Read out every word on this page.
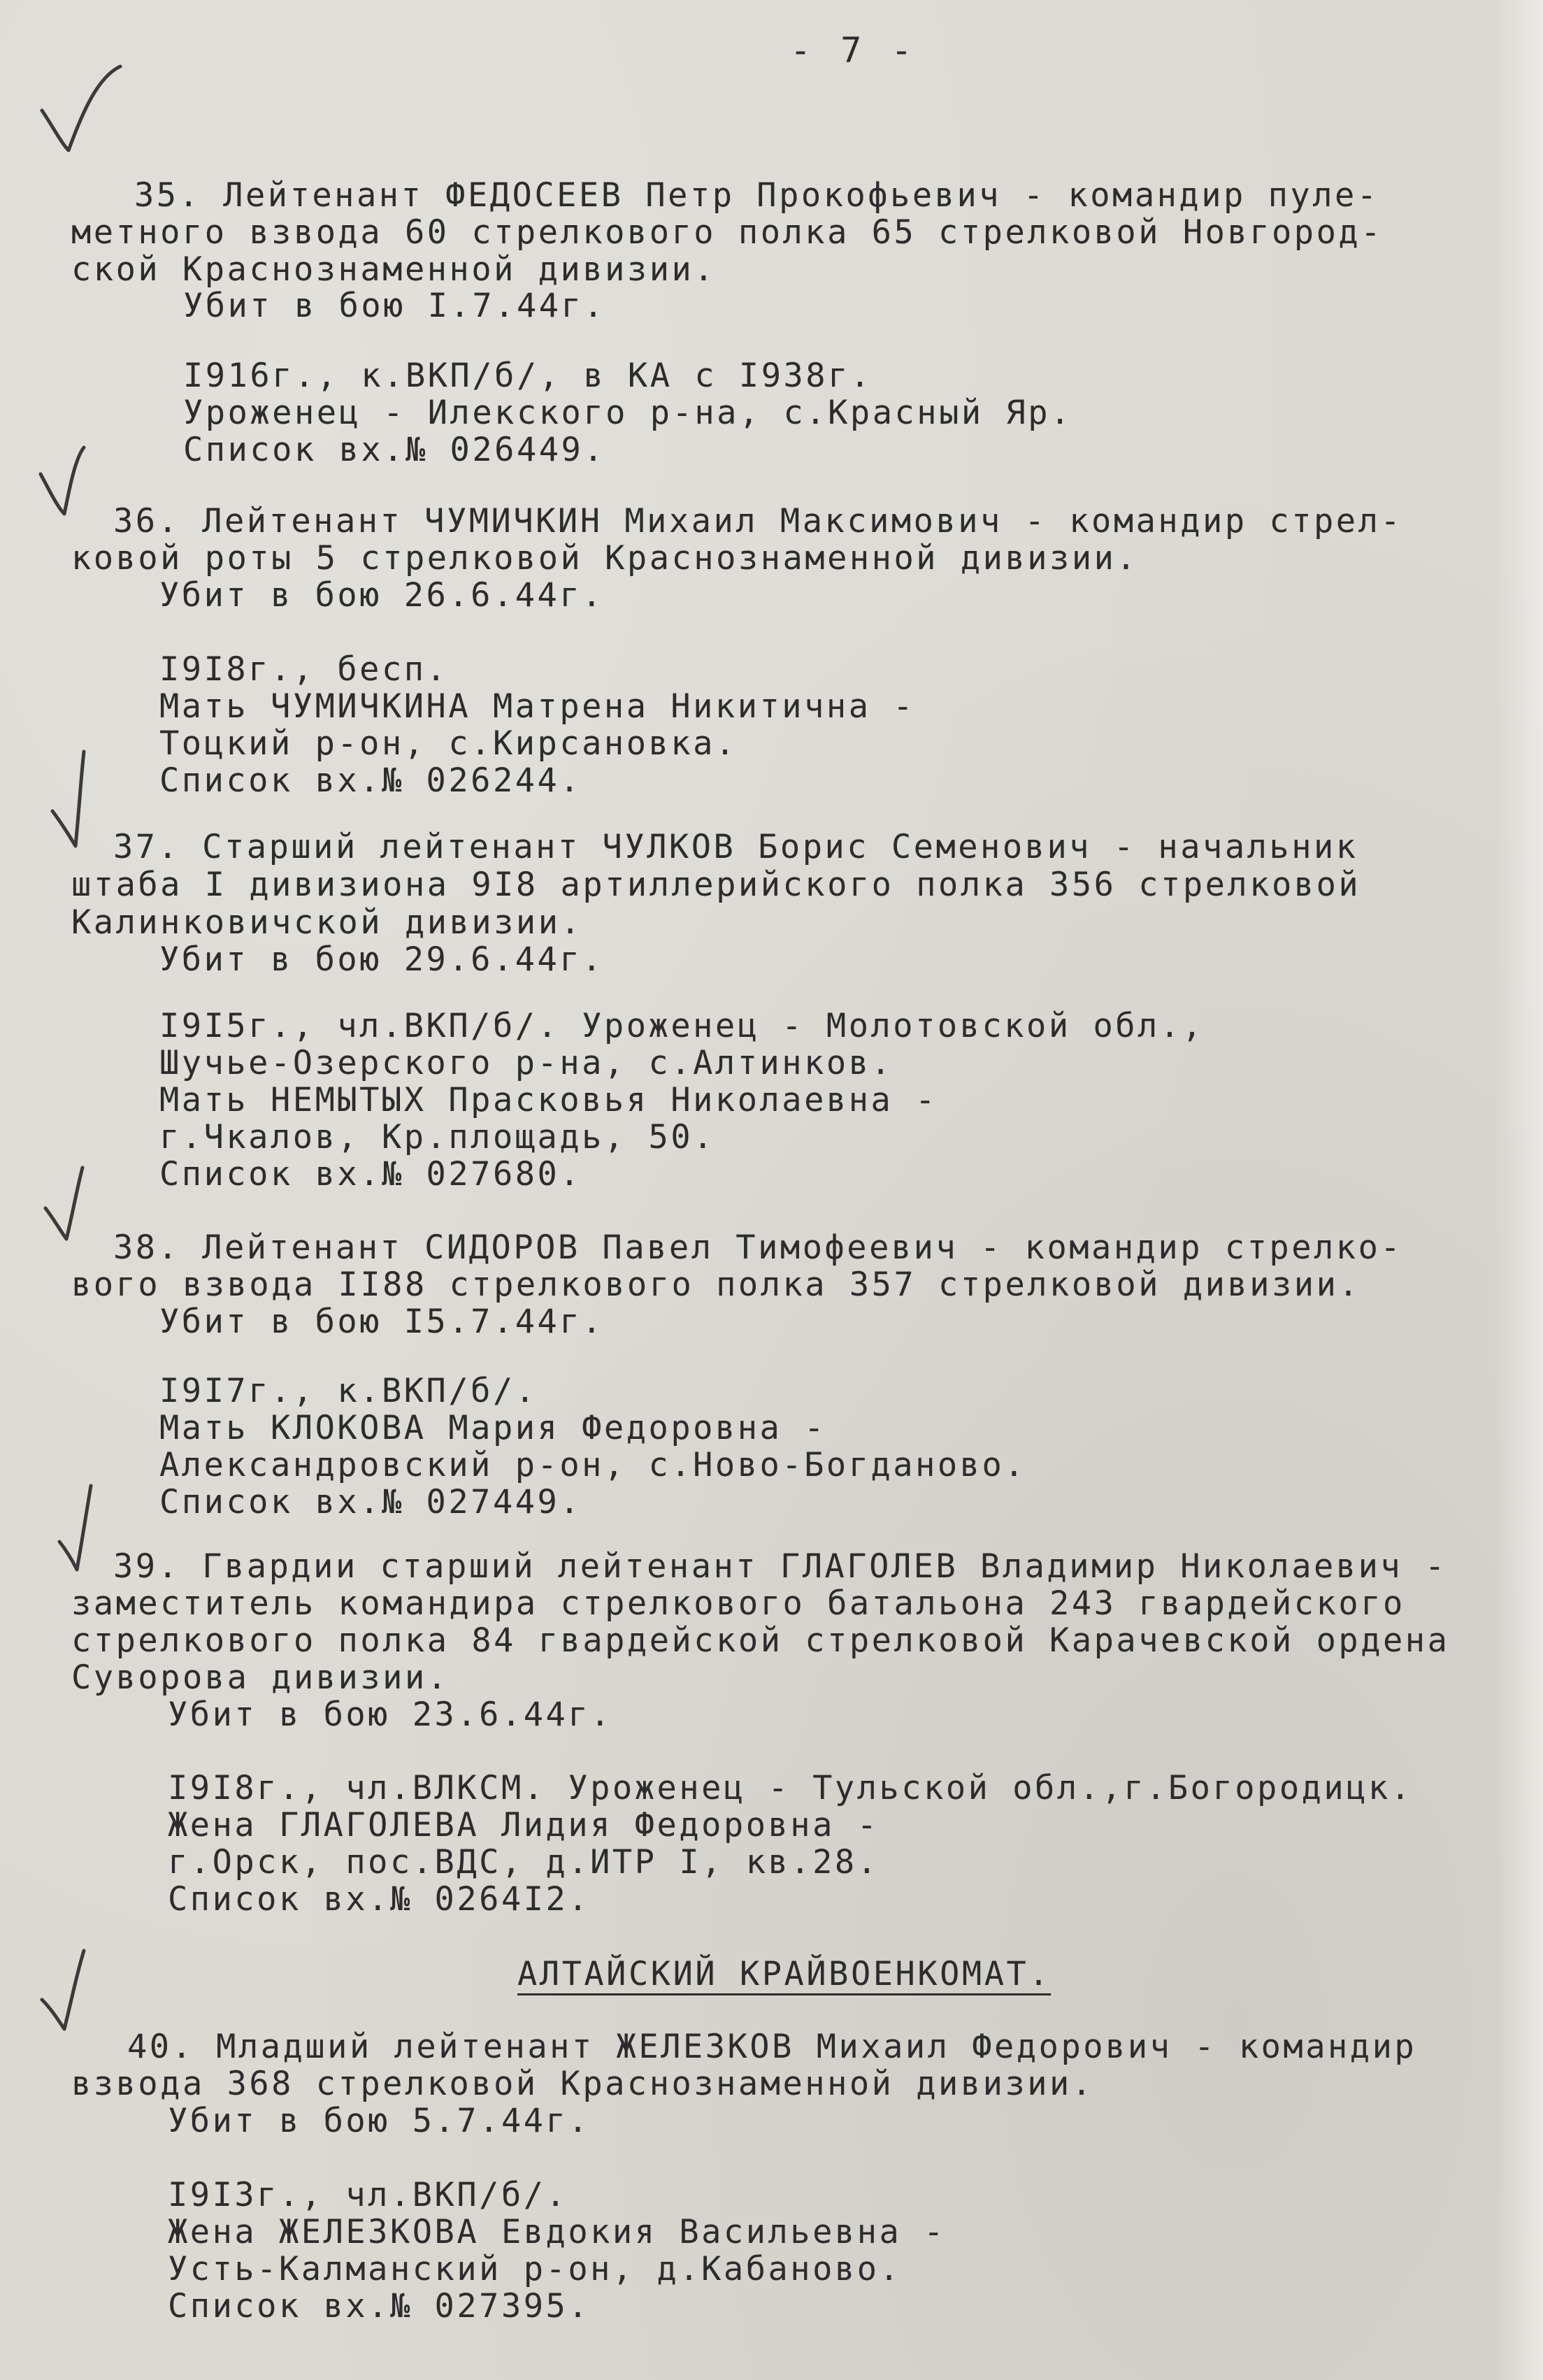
- 7 -
35. Лейтенант ФЕДОСЕЕВ Петр Прокофьевич - командир пуле-
метного взвода 60 стрелкового полка 65 стрелковой Новгород-
ской Краснознаменной дивизии.
Убит в бою I.7.44г.
I916г., к.ВКП/б/, в КА с I938г.
Уроженец - Илекского р-на, с.Красный Яр.
Список вх.№ 026449.
36. Лейтенант ЧУМИЧКИН Михаил Максимович - командир стрел-
ковой роты 5 стрелковой Краснознаменной дивизии.
Убит в бою 26.6.44г.
I9I8г., бесп.
Мать ЧУМИЧКИНА Матрена Никитична -
Тоцкий р-он, с.Кирсановка.
Список вх.№ 026244.
37. Старший лейтенант ЧУЛКОВ Борис Семенович - начальник
штаба I дивизиона 9I8 артиллерийского полка 356 стрелковой
Калинковичской дивизии.
Убит в бою 29.6.44г.
I9I5г., чл.ВКП/б/. Уроженец - Молотовской обл.,
Шучье-Озерского р-на, с.Алтинков.
Мать НЕМЫТЫХ Прасковья Николаевна -
г.Чкалов, Кр.площадь, 50.
Список вх.№ 027680.
38. Лейтенант СИДОРОВ Павел Тимофеевич - командир стрелко-
вого взвода II88 стрелкового полка 357 стрелковой дивизии.
Убит в бою I5.7.44г.
I9I7г., к.ВКП/б/.
Мать КЛОКОВА Мария Федоровна -
Александровский р-он, с.Ново-Богданово.
Список вх.№ 027449.
39. Гвардии старший лейтенант ГЛАГОЛЕВ Владимир Николаевич -
заместитель командира стрелкового батальона 243 гвардейского
стрелкового полка 84 гвардейской стрелковой Карачевской ордена
Суворова дивизии.
Убит в бою 23.6.44г.
I9I8г., чл.ВЛКСМ. Уроженец - Тульской обл.,г.Богородицк.
Жена ГЛАГОЛЕВА Лидия Федоровна -
г.Орск, пос.ВДС, д.ИТР I, кв.28.
Список вх.№ 0264I2.
АЛТАЙСКИЙ КРАЙВОЕНКОМАТ.
40. Младший лейтенант ЖЕЛЕЗКОВ Михаил Федорович - командир
взвода 368 стрелковой Краснознаменной дивизии.
Убит в бою 5.7.44г.
I9I3г., чл.ВКП/б/.
Жена ЖЕЛЕЗКОВА Евдокия Васильевна -
Усть-Калманский р-он, д.Кабаново.
Список вх.№ 027395.
